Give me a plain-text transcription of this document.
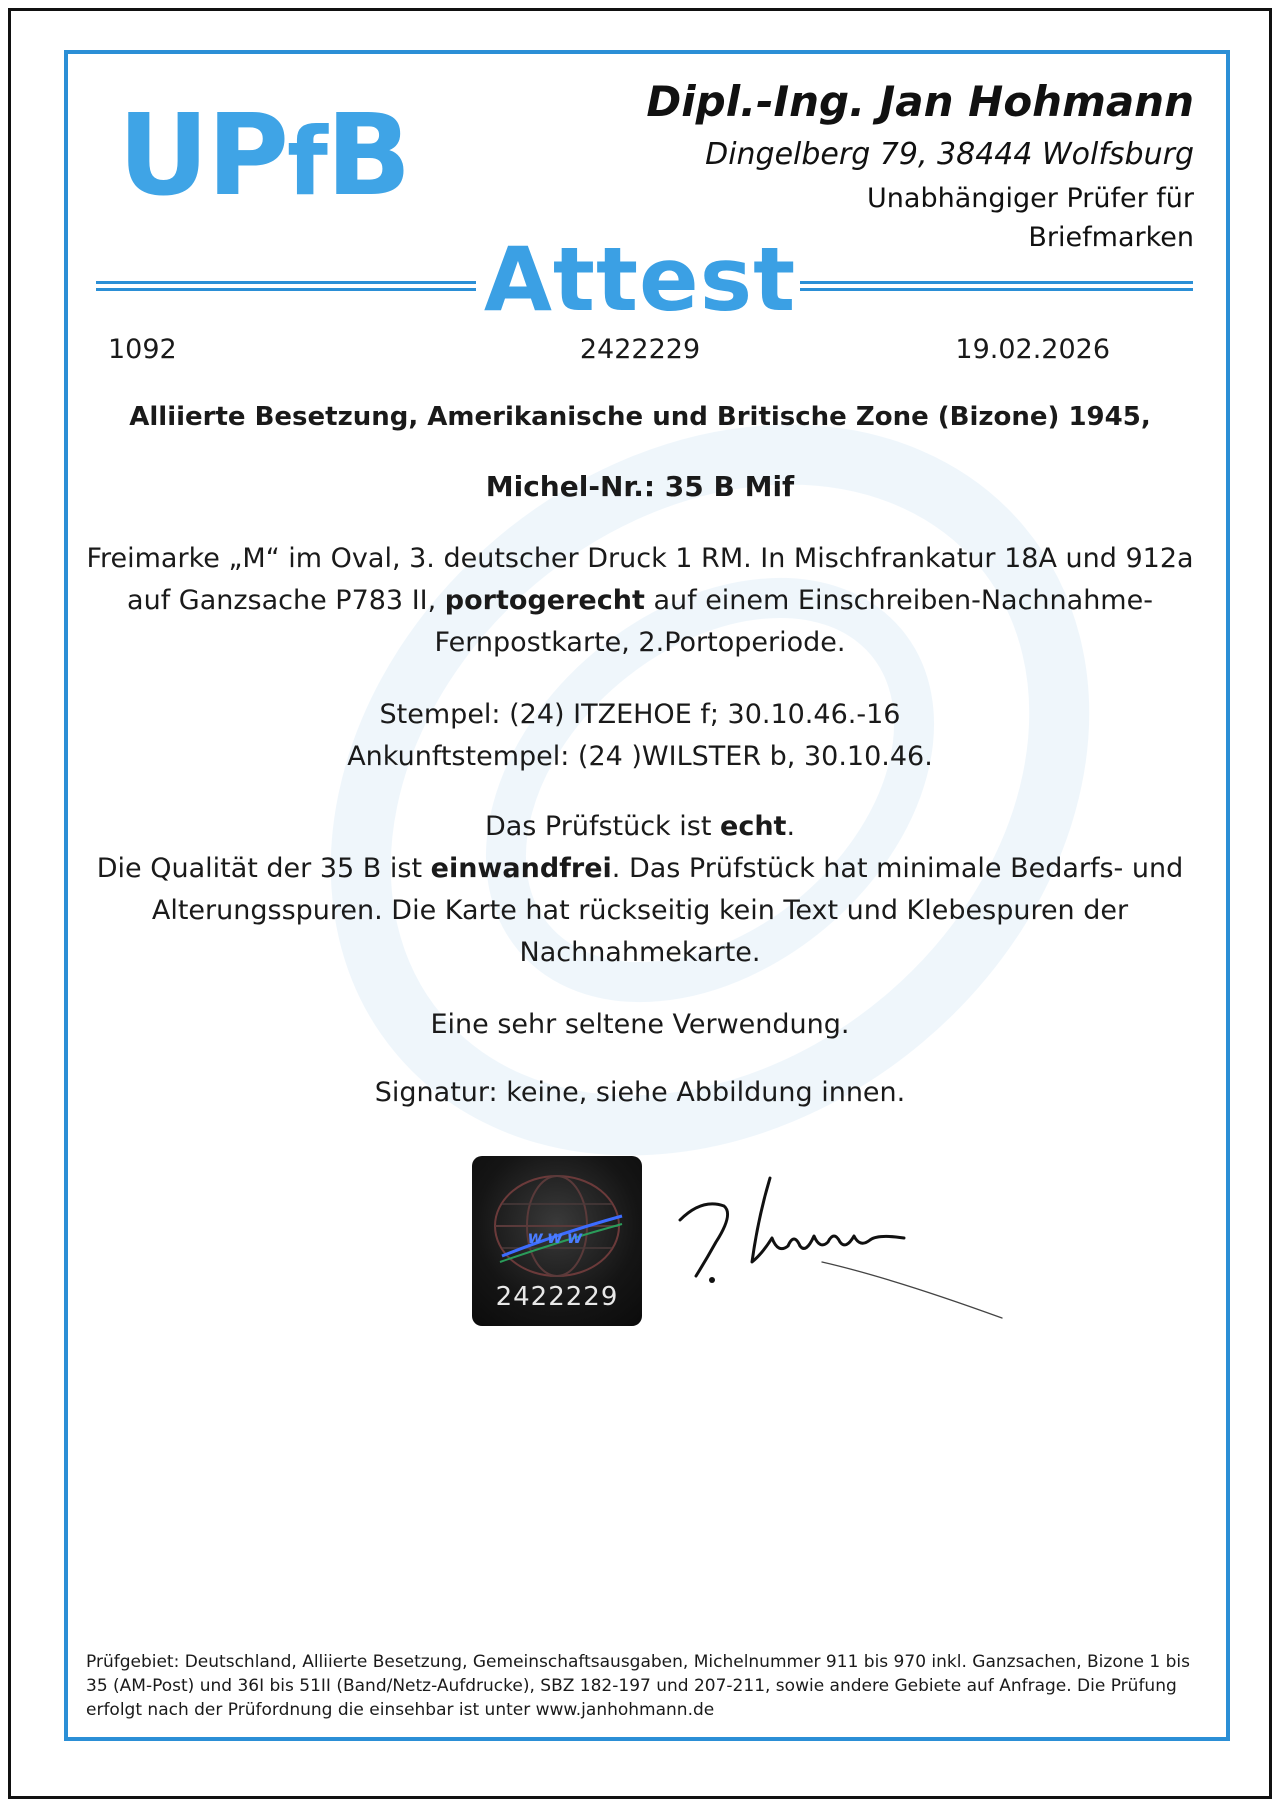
UPfB	Dipl.-Ing. Jan Hohmann
Dingelberg 79, 38444 Wolfsburg
Unabhängiger Prüfer für
Briefmarken
Attest
1092	2422229	19.02.2026
Alliierte Besetzung, Amerikanische und Britische Zone (Bizone) 1945,
Michel-Nr.: 35 B Mif
Freimarke „M“ im Oval, 3. deutscher Druck 1 RM. In Mischfrankatur 18A und 912a
auf Ganzsache P783 II, portogerecht auf einem Einschreiben-Nachnahme-
Fernpostkarte, 2.Portoperiode.
Stempel: (24) ITZEHOE f; 30.10.46.-16
Ankunftstempel: (24 )WILSTER b, 30.10.46.
Das Prüfstück ist echt.
Die Qualität der 35 B ist einwandfrei. Das Prüfstück hat minimale Bedarfs- und
Alterungsspuren. Die Karte hat rückseitig kein Text und Klebespuren der
Nachnahmekarte.
Eine sehr seltene Verwendung.
Signatur: keine, siehe Abbildung innen.
www
2422229
Prüfgebiet: Deutschland, Alliierte Besetzung, Gemeinschaftsausgaben, Michelnummer 911 bis 970 inkl. Ganzsachen, Bizone 1 bis 35 (AM-Post) und 36I bis 51II (Band/Netz-Aufdrucke), SBZ 182-197 und 207-211, sowie andere Gebiete auf Anfrage. Die Prüfung erfolgt nach der Prüfordnung die einsehbar ist unter www.janhohmann.de
